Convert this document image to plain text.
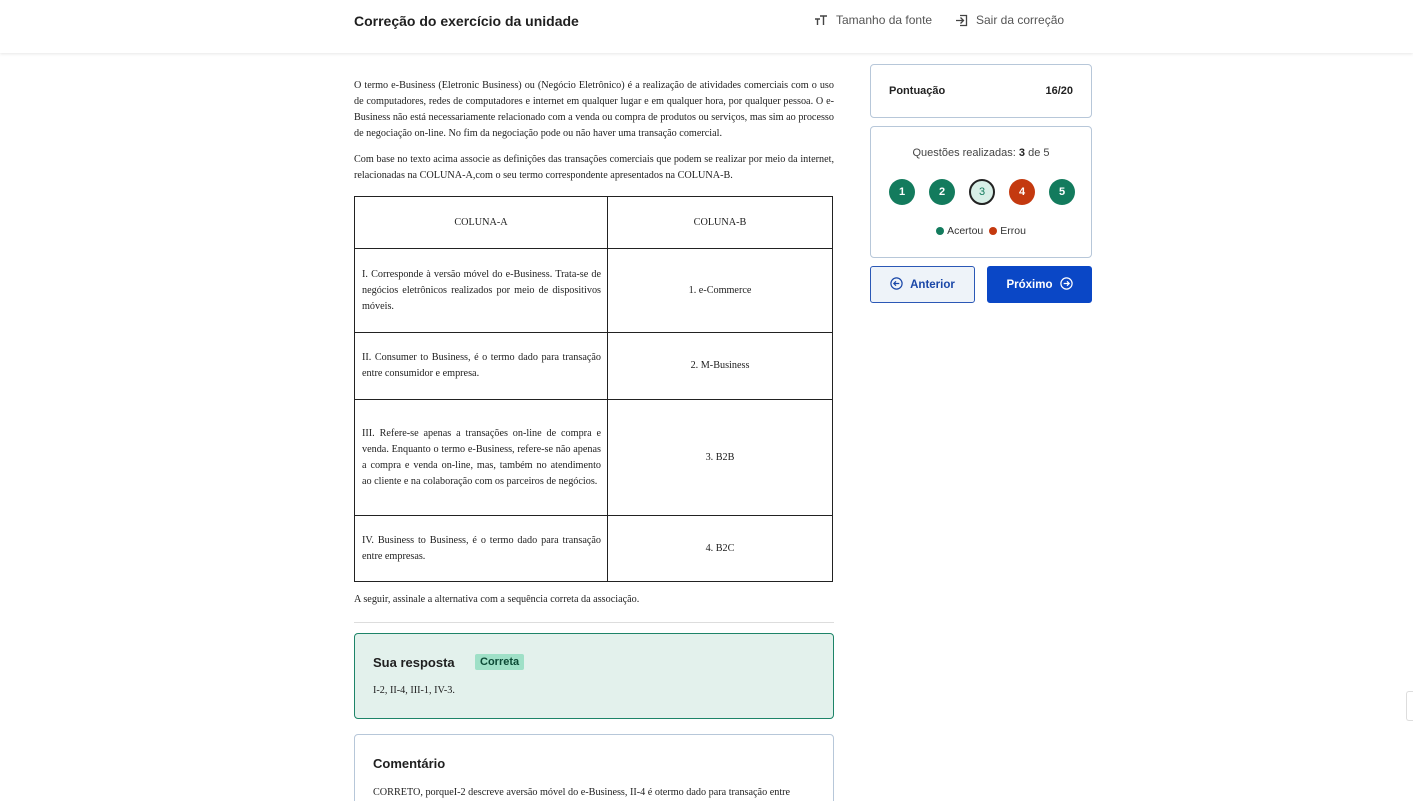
Correção do exercício da unidade	Tamanho da fonte	Sair da correção

O termo e-Business (Eletronic Business) ou (Negócio Eletrônico) é a realização de atividades comerciais com o uso de computadores, redes de computadores e internet em qualquer lugar e em qualquer hora, por qualquer pessoa. O e-Business não está necessariamente relacionado com a venda ou compra de produtos ou serviços, mas sim ao processo de negociação on-line. No fim da negociação pode ou não haver uma transação comercial.

Com base no texto acima associe as definições das transações comerciais que podem se realizar por meio da internet, relacionadas na COLUNA-A,com o seu termo correspondente apresentados na COLUNA-B.

COLUNA-A	COLUNA-B
I. Corresponde à versão móvel do e-Business. Trata-se de negócios eletrônicos realizados por meio de dispositivos móveis.	1. e-Commerce
II. Consumer to Business, é o termo dado para transação entre consumidor e empresa.	2. M-Business
III. Refere-se apenas a transações on-line de compra e venda. Enquanto o termo e-Business, refere-se não apenas a compra e venda on-line, mas, também no atendimento ao cliente e na colaboração com os parceiros de negócios.	3. B2B
IV. Business to Business, é o termo dado para transação entre empresas.	4. B2C
A seguir, assinale a alternativa com a sequência correta da associação.
Sua resposta	Correta
I-2, II-4, III-1, IV-3.
Comentário
CORRETO, porqueI-2 descreve aversão móvel do e-Business, II-4 é otermo dado para transação entre
Pontuação	16/20
Questões realizadas: 3 de 5
1	2	3	4	5
Acertou Errou
Anterior	Próximo
